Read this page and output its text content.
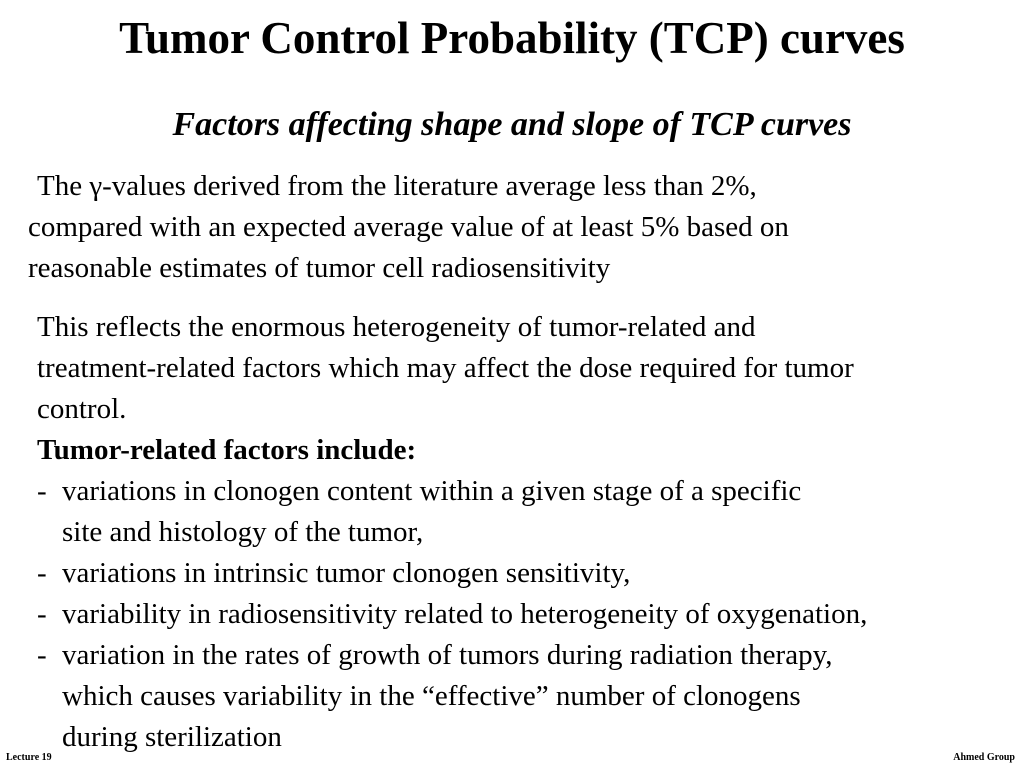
Tumor Control Probability (TCP) curves
Factors affecting shape and slope of TCP curves
The γ-values derived from the literature average less than 2%,
compared with an expected average value of at least 5% based on
reasonable estimates of tumor cell radiosensitivity
This reflects the enormous heterogeneity of tumor-related and
treatment-related factors which may affect the dose required for tumor
control.
Tumor-related factors include:
- variations in clonogen content within a given stage of a specific
site and histology of the tumor,
- variations in intrinsic tumor clonogen sensitivity,
- variability in radiosensitivity related to heterogeneity of oxygenation,
- variation in the rates of growth of tumors during radiation therapy,
which causes variability in the “effective” number of clonogens
during sterilization
Lecture 19	Ahmed Group
